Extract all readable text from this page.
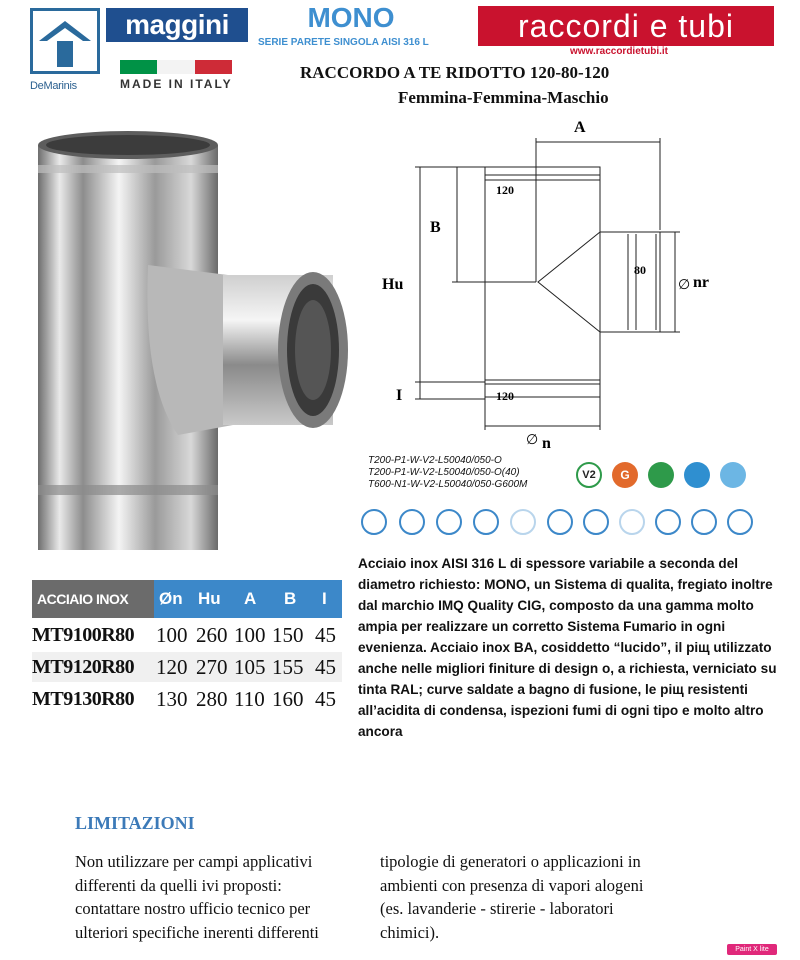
DeMarinis
maggini
MADE IN ITALY
MONO
SERIE PARETE SINGOLA AISI 316 L	raccordi e tubi
www.raccordietubi.it
RACCORDO A TE RIDOTTO 120-80-120
Femmina-Femmina-Maschio
A
B
Hu
I
120
120
80
∅ nr
∅ n
T200-P1-W-V2-L50040/050-O
T200-P1-W-V2-L50040/050-O(40)
T600-N1-W-V2-L50040/050-G600M
V2	G
ACCIAIO INOX	Øn Hu A B I
MT9100R80 100 260 100 150 45
MT9120R80 120 270 105 155 45
MT9130R80 130 280 110 160 45
Acciaio inox AISI 316 L di spessore variabile a seconda del diametro richiesto: MONO, un Sistema di qualita, fregiato inoltre dal marchio IMQ Quality CIG, composto da una gamma molto ampia per realizzare un corretto Sistema Fumario in ogni evenienza. Acciaio inox BA, cosiddetto “lucido”, il piщ utilizzato anche nelle migliori finiture di design o, a richiesta, verniciato su tinta RAL; curve saldate a bagno di fusione, le piщ resistenti all’acidita di condensa, ispezioni fumi di ogni tipo e molto altro ancora
LIMITAZIONI
Non utilizzare per campi applicativi
differenti da quelli ivi proposti:
contattare nostro ufficio tecnico per
ulteriori specifiche inerenti differenti
tipologie di generatori o applicazioni in
ambienti con presenza di vapori alogeni
(es. lavanderie - stirerie - laboratori
chimici).
Paint X lite
